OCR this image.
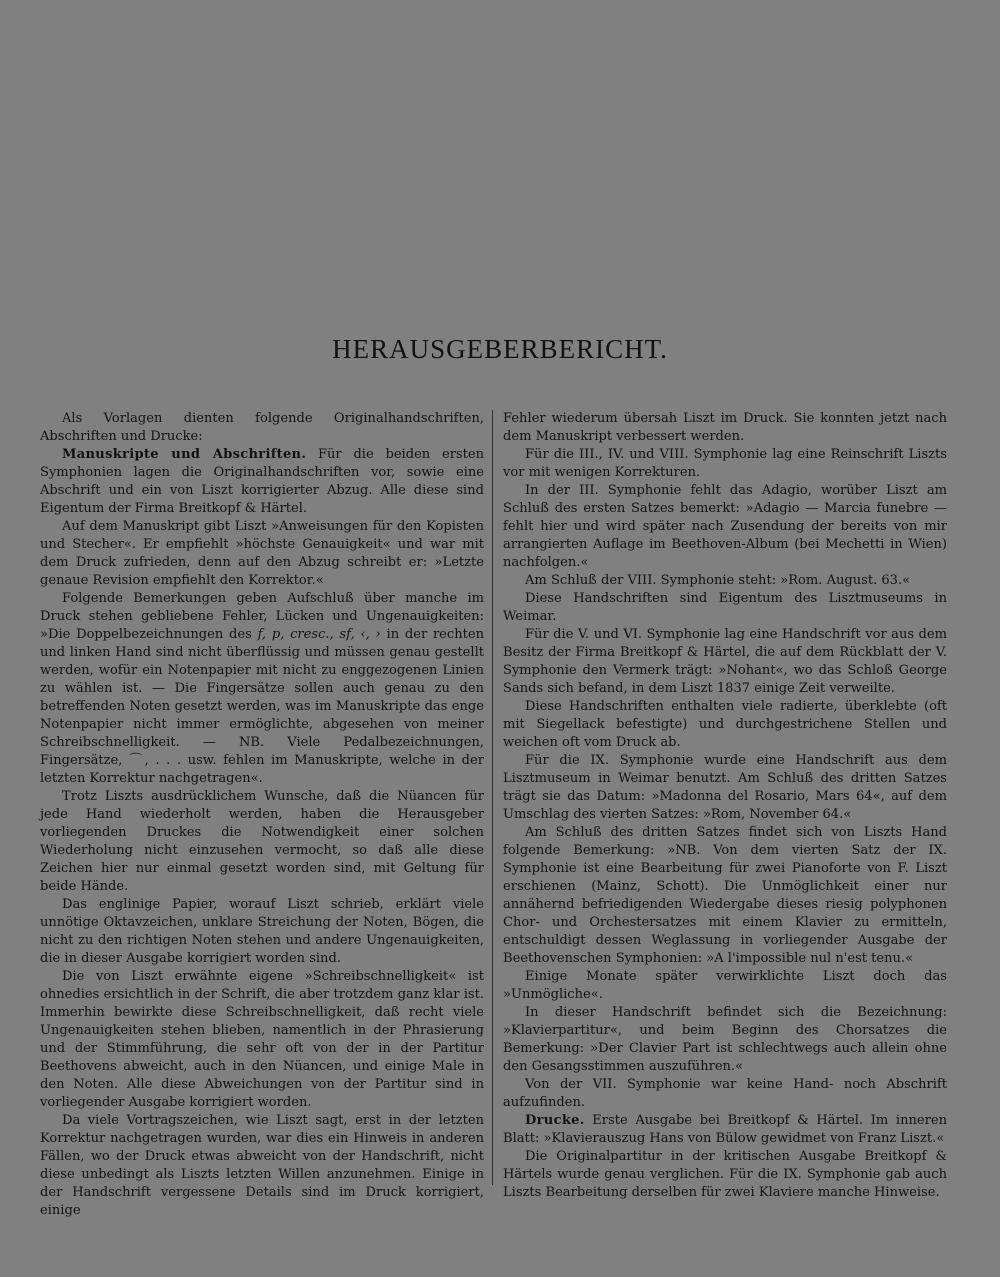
HERAUSGEBERBERICHT.

Als Vorlagen dienten folgende Originalhandschriften, Abschriften und Drucke:

Manuskripte und Abschriften. Für die beiden ersten Symphonien lagen die Originalhandschriften vor, sowie eine Abschrift und ein von Liszt korrigierter Abzug. Alle diese sind Eigentum der Firma Breitkopf & Härtel.

Auf dem Manuskript gibt Liszt »Anweisungen für den Kopisten und Stecher«. Er empfiehlt »höchste Genauigkeit« und war mit dem Druck zufrieden, denn auf den Abzug schreibt er: »Letzte genaue Revision empfiehlt den Korrektor.«

Folgende Bemerkungen geben Aufschluß über manche im Druck stehen gebliebene Fehler, Lücken und Ungenauigkeiten: »Die Doppelbezeichnungen des f, p, cresc., sf, ‹, › in der rechten und linken Hand sind nicht überflüssig und müssen genau gestellt werden, wofür ein Notenpapier mit nicht zu enggezogenen Linien zu wählen ist. — Die Fingersätze sollen auch genau zu den betreffenden Noten gesetzt werden, was im Manuskripte das enge Notenpapier nicht immer ermöglichte, abgesehen von meiner Schreibschnelligkeit. — NB. Viele Pedalbezeichnungen, Fingersätze, ⌒, . . . usw. fehlen im Manuskripte, welche in der letzten Korrektur nachgetragen«.

Trotz Liszts ausdrücklichem Wunsche, daß die Nüancen für jede Hand wiederholt werden, haben die Herausgeber vorliegenden Druckes die Notwendigkeit einer solchen Wiederholung nicht einzusehen vermocht, so daß alle diese Zeichen hier nur einmal gesetzt worden sind, mit Geltung für beide Hände.

Das englinige Papier, worauf Liszt schrieb, erklärt viele unnötige Oktavzeichen, unklare Streichung der Noten, Bögen, die nicht zu den richtigen Noten stehen und andere Ungenauigkeiten, die in dieser Ausgabe korrigiert worden sind.

Die von Liszt erwähnte eigene »Schreibschnelligkeit« ist ohnedies ersichtlich in der Schrift, die aber trotzdem ganz klar ist. Immerhin bewirkte diese Schreibschnelligkeit, daß recht viele Ungenauigkeiten stehen blieben, namentlich in der Phrasierung und der Stimmführung, die sehr oft von der in der Partitur Beethovens abweicht, auch in den Nüancen, und einige Male in den Noten. Alle diese Abweichungen von der Partitur sind in vorliegender Ausgabe korrigiert worden.

Da viele Vortragszeichen, wie Liszt sagt, erst in der letzten Korrektur nachgetragen wurden, war dies ein Hinweis in anderen Fällen, wo der Druck etwas abweicht von der Handschrift, nicht diese unbedingt als Liszts letzten Willen anzunehmen. Einige in der Handschrift vergessene Details sind im Druck korrigiert, einige

Fehler wiederum übersah Liszt im Druck. Sie konnten jetzt nach dem Manuskript verbessert werden.

Für die III., IV. und VIII. Symphonie lag eine Reinschrift Liszts vor mit wenigen Korrekturen.

In der III. Symphonie fehlt das Adagio, worüber Liszt am Schluß des ersten Satzes bemerkt: »Adagio — Marcia funebre — fehlt hier und wird später nach Zusendung der bereits von mir arrangierten Auflage im Beethoven-Album (bei Mechetti in Wien) nachfolgen.«

Am Schluß der VIII. Symphonie steht: »Rom. August. 63.«

Diese Handschriften sind Eigentum des Lisztmuseums in Weimar.

Für die V. und VI. Symphonie lag eine Handschrift vor aus dem Besitz der Firma Breitkopf & Härtel, die auf dem Rückblatt der V. Symphonie den Vermerk trägt: »Nohant«, wo das Schloß George Sands sich befand, in dem Liszt 1837 einige Zeit verweilte.

Diese Handschriften enthalten viele radierte, überklebte (oft mit Siegellack befestigte) und durchgestrichene Stellen und weichen oft vom Druck ab.

Für die IX. Symphonie wurde eine Handschrift aus dem Lisztmuseum in Weimar benutzt. Am Schluß des dritten Satzes trägt sie das Datum: »Madonna del Rosario, Mars 64«, auf dem Umschlag des vierten Satzes: »Rom, November 64.«

Am Schluß des dritten Satzes findet sich von Liszts Hand folgende Bemerkung: »NB. Von dem vierten Satz der IX. Symphonie ist eine Bearbeitung für zwei Pianoforte von F. Liszt erschienen (Mainz, Schott). Die Unmöglichkeit einer nur annähernd befriedigenden Wiedergabe dieses riesig polyphonen Chor- und Orchestersatzes mit einem Klavier zu ermitteln, entschuldigt dessen Weglassung in vorliegender Ausgabe der Beethovenschen Symphonien: »A l'impossible nul n'est tenu.«

Einige Monate später verwirklichte Liszt doch das »Unmögliche«.

In dieser Handschrift befindet sich die Bezeichnung: »Klavierpartitur«, und beim Beginn des Chorsatzes die Bemerkung: »Der Clavier Part ist schlechtwegs auch allein ohne den Gesangsstimmen auszuführen.«

Von der VII. Symphonie war keine Hand- noch Abschrift aufzufinden.

Drucke. Erste Ausgabe bei Breitkopf & Härtel. Im inneren Blatt: »Klavierauszug Hans von Bülow gewidmet von Franz Liszt.«

Die Originalpartitur in der kritischen Ausgabe Breitkopf & Härtels wurde genau verglichen. Für die IX. Symphonie gab auch Liszts Bearbeitung derselben für zwei Klaviere manche Hinweise.
